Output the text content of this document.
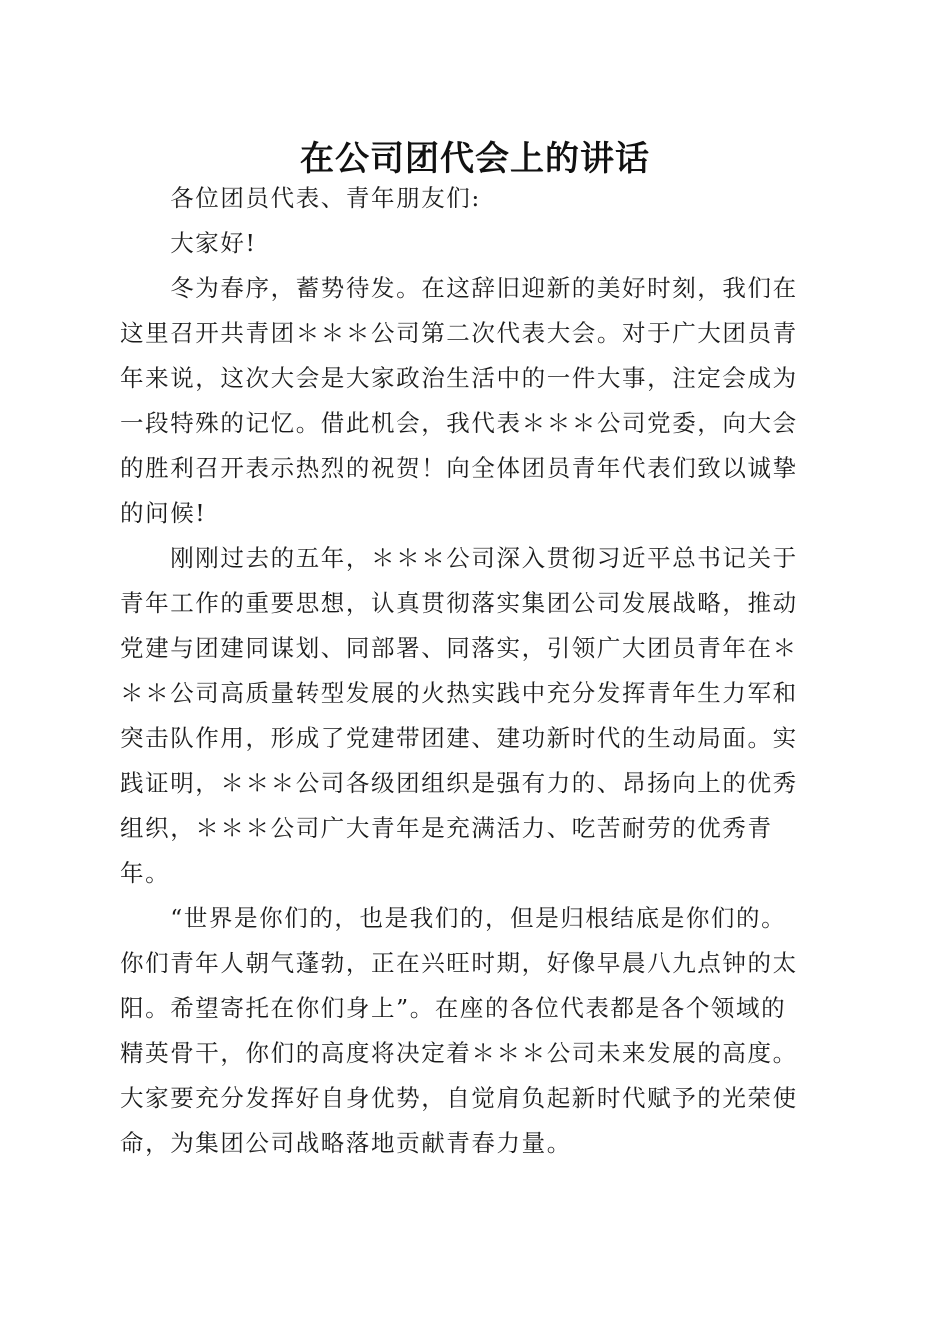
在公司团代会上的讲话
　　各位团员代表、青年朋友们:
　　大家好!
　　冬为春序，蓄势待发。在这辞旧迎新的美好时刻，我们在
这里召开共青团＊＊＊公司第二次代表大会。对于广大团员青
年来说，这次大会是大家政治生活中的一件大事，注定会成为
一段特殊的记忆。借此机会，我代表＊＊＊公司党委，向大会
的胜利召开表示热烈的祝贺！向全体团员青年代表们致以诚挚
的问候!
　　刚刚过去的五年，＊＊＊公司深入贯彻习近平总书记关于
青年工作的重要思想，认真贯彻落实集团公司发展战略，推动
党建与团建同谋划、同部署、同落实，引领广大团员青年在＊
＊＊公司高质量转型发展的火热实践中充分发挥青年生力军和
突击队作用，形成了党建带团建、建功新时代的生动局面。实
践证明，＊＊＊公司各级团组织是强有力的、昂扬向上的优秀
组织，＊＊＊公司广大青年是充满活力、吃苦耐劳的优秀青
年。
　　“世界是你们的，也是我们的，但是归根结底是你们的。
你们青年人朝气蓬勃，正在兴旺时期，好像早晨八九点钟的太
阳。希望寄托在你们身上”。在座的各位代表都是各个领域的
精英骨干，你们的高度将决定着＊＊＊公司未来发展的高度。
大家要充分发挥好自身优势，自觉肩负起新时代赋予的光荣使
命，为集团公司战略落地贡献青春力量。
